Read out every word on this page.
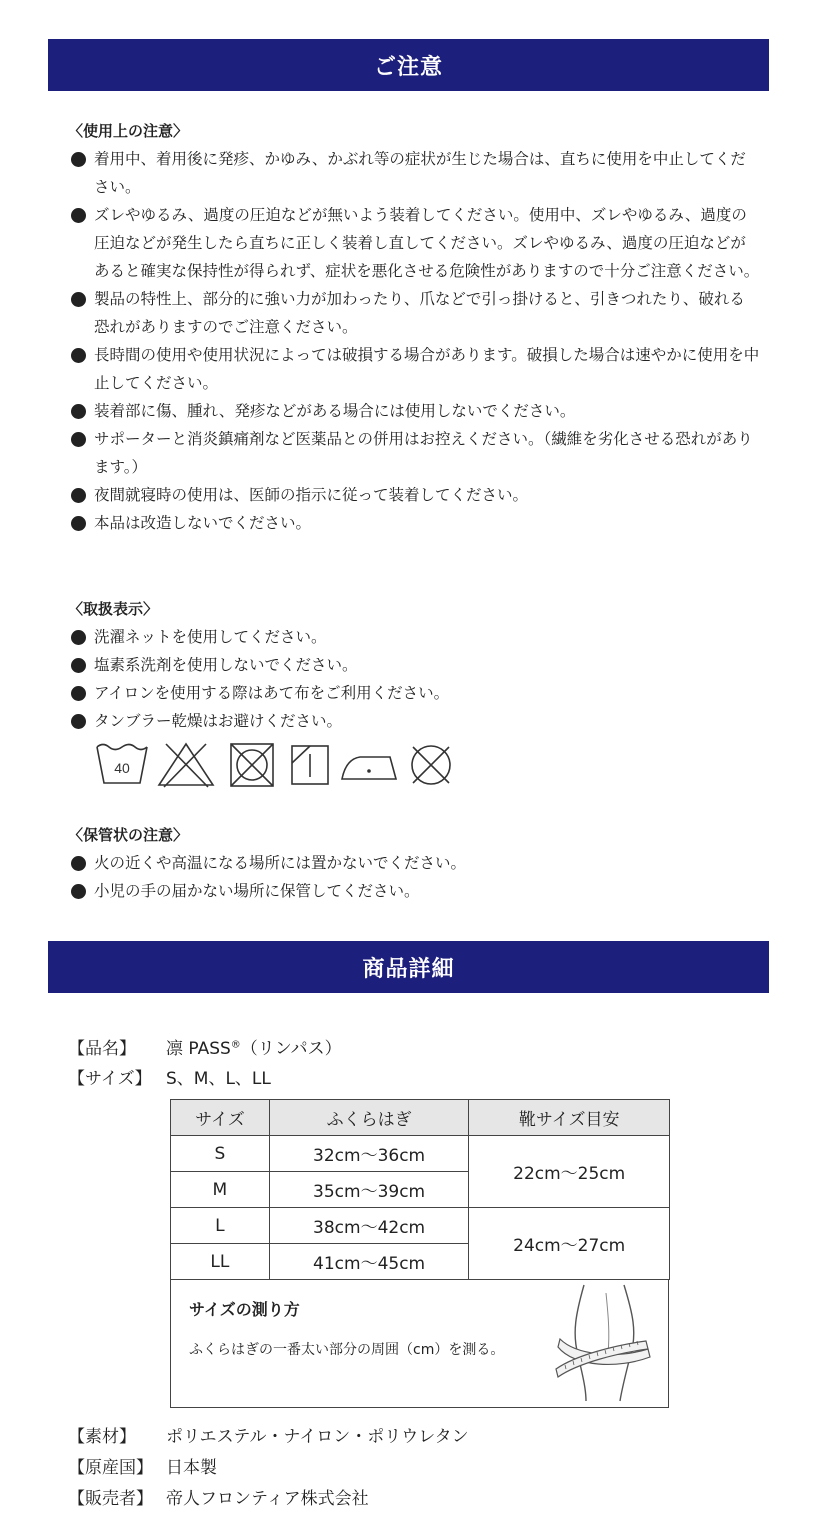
ご注意
〈使用上の注意〉
着用中、着用後に発疹、かゆみ、かぶれ等の症状が生じた場合は、直ちに使用を中止してください。
ズレやゆるみ、過度の圧迫などが無いよう装着してください。使用中、ズレやゆるみ、過度の圧迫などが発生したら直ちに正しく装着し直してください。ズレやゆるみ、過度の圧迫などがあると確実な保持性が得られず、症状を悪化させる危険性がありますので十分ご注意ください。
製品の特性上、部分的に強い力が加わったり、爪などで引っ掛けると、引きつれたり、破れる恐れがありますのでご注意ください。
長時間の使用や使用状況によっては破損する場合があります。破損した場合は速やかに使用を中止してください。
装着部に傷、腫れ、発疹などがある場合には使用しないでください。
サポーターと消炎鎮痛剤など医薬品との併用はお控えください。（繊維を劣化させる恐れがあります。）
夜間就寝時の使用は、医師の指示に従って装着してください。
本品は改造しないでください。
〈取扱表示〉
洗濯ネットを使用してください。
塩素系洗剤を使用しないでください。
アイロンを使用する際はあて布をご利用ください。
タンブラー乾燥はお避けください。
40
〈保管状の注意〉
火の近くや高温になる場所には置かないでください。
小児の手の届かない場所に保管してください。
商品詳細
【品名】 凛 PASS®（リンパス）
【サイズ】 S、M、L、LL
サイズ	ふくらはぎ	靴サイズ目安
S	32cm～36cm	22cm～25cm
M	35cm～39cm	
L	38cm～42cm	24cm～27cm
LL	41cm～45cm	
サイズの測り方
ふくらはぎの一番太い部分の周囲（cm）を測る。
【素材】 ポリエステル・ナイロン・ポリウレタン
【原産国】 日本製
【販売者】 帝人フロンティア株式会社
